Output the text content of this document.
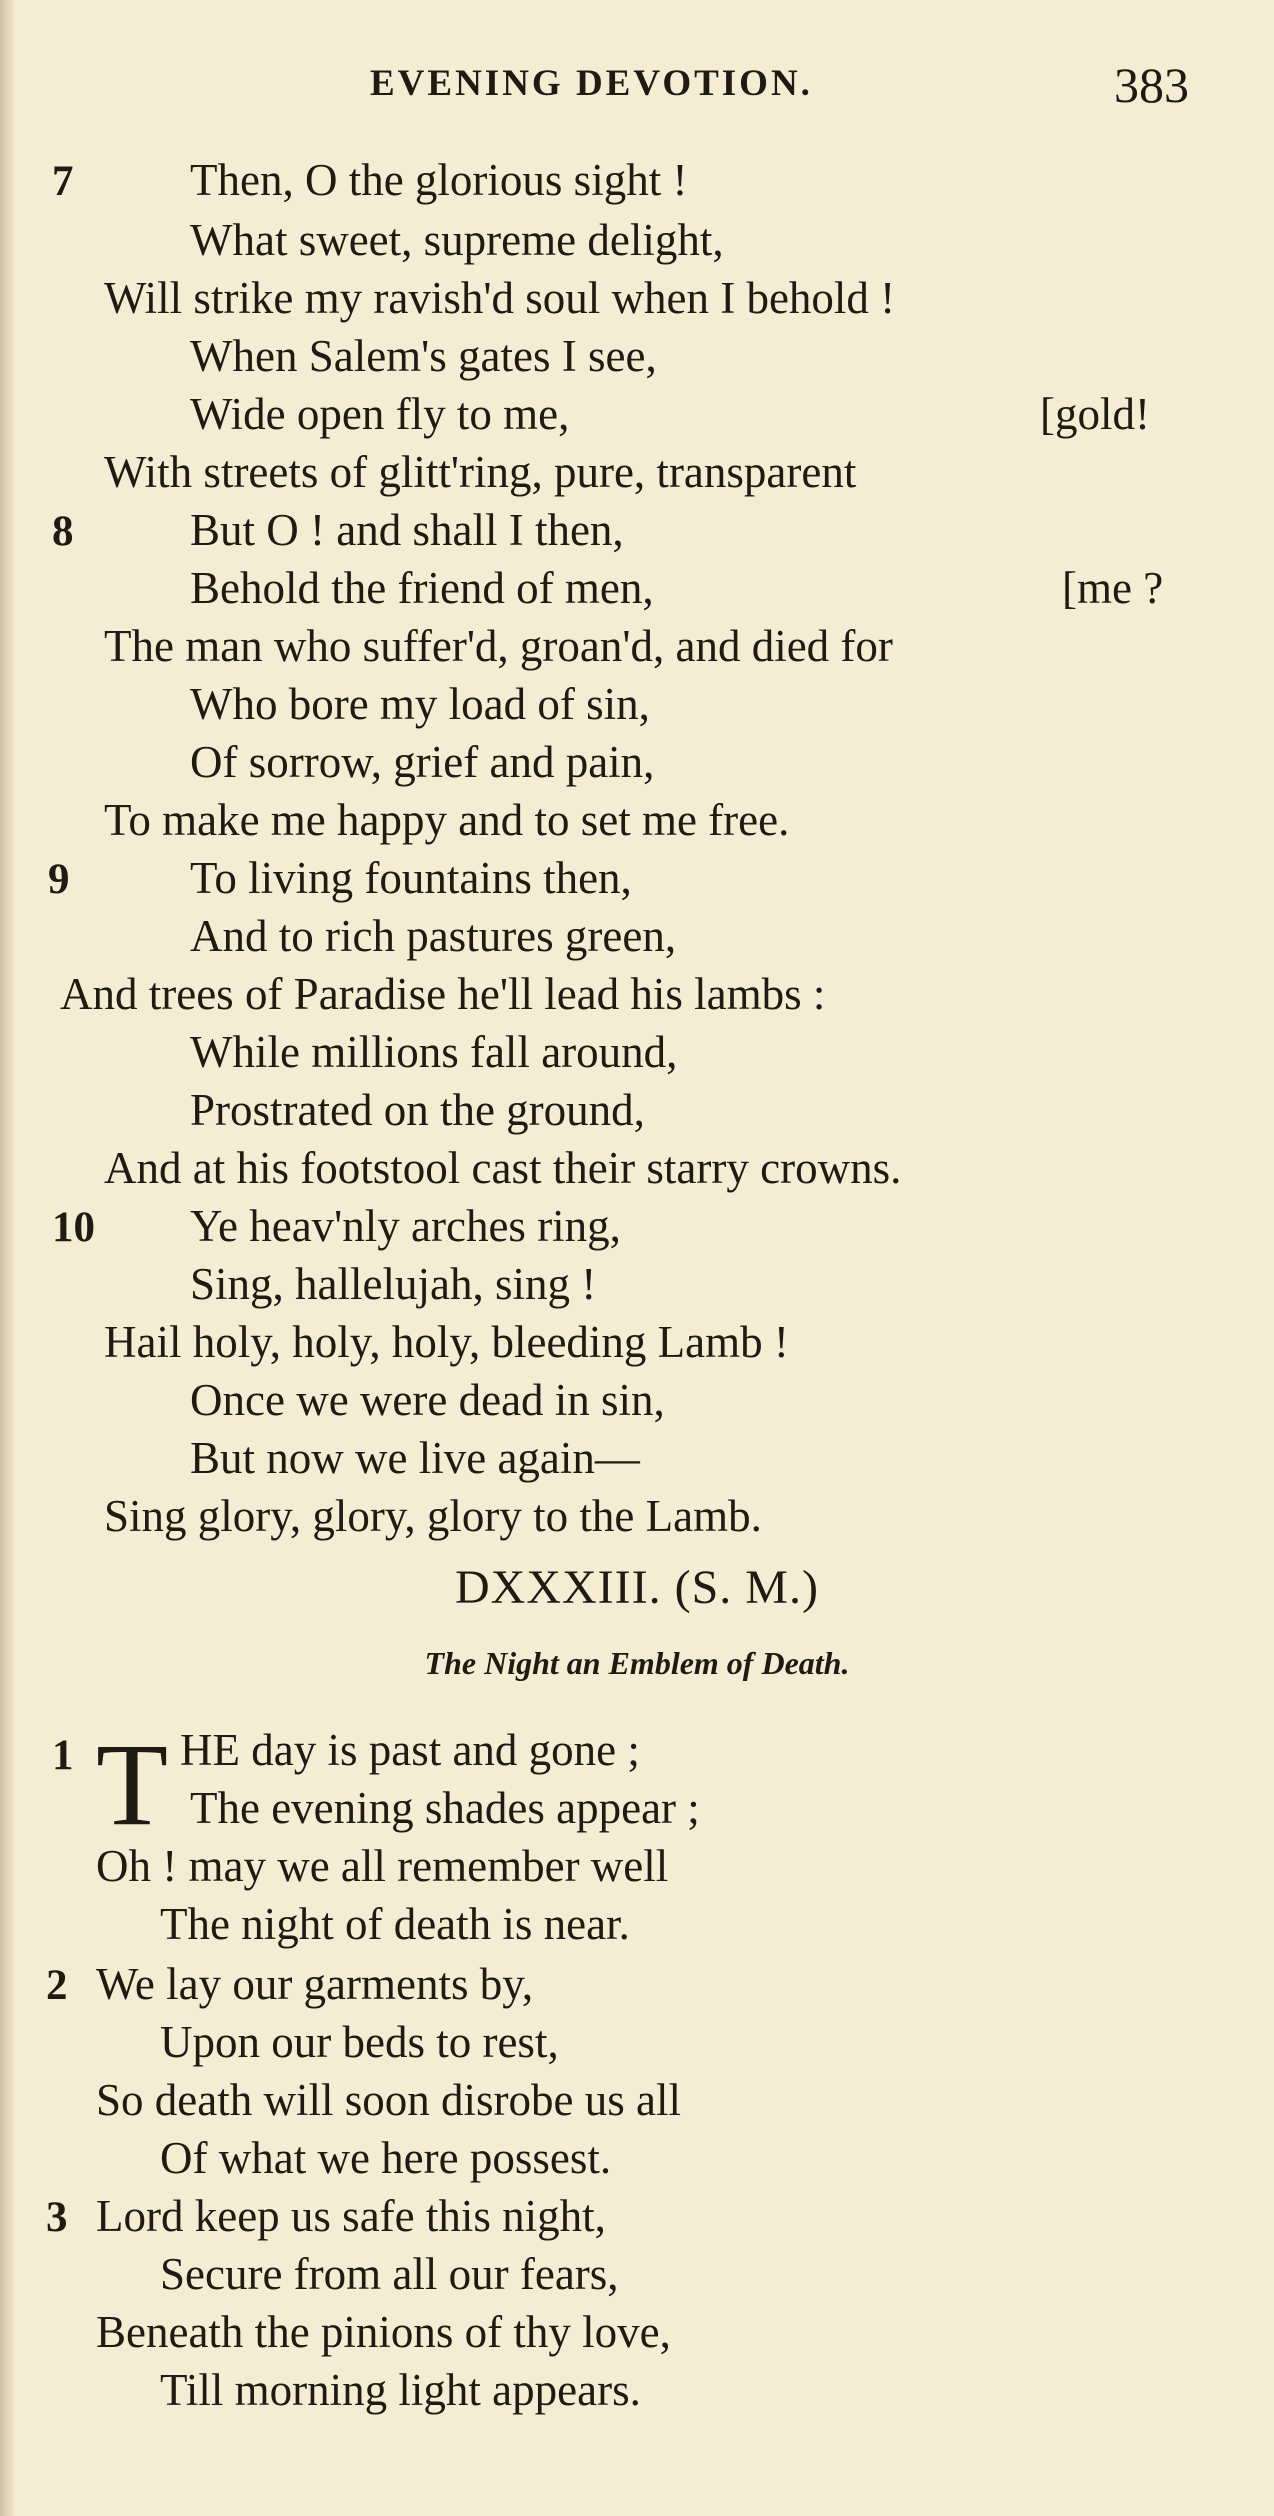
EVENING DEVOTION.	383
7	Then, O the glorious sight !
What sweet, supreme delight,
Will strike my ravish'd soul when I behold !
When Salem's gates I see,
Wide open fly to me,	[gold!
With streets of glitt'ring, pure, transparent
8	But O ! and shall I then,
Behold the friend of men,	[me ?
The man who suffer'd, groan'd, and died for
Who bore my load of sin,
Of sorrow, grief and pain,
To make me happy and to set me free.
9	To living fountains then,
And to rich pastures green,
And trees of Paradise he'll lead his lambs :
While millions fall around,
Prostrated on the ground,
And at his footstool cast their starry crowns.
10 Ye heav'nly arches ring,
Sing, hallelujah, sing !
Hail holy, holy, holy, bleeding Lamb !
Once we were dead in sin,
But now we live again—
Sing glory, glory, glory to the Lamb.
DXXXIII. (S. M.)
The Night an Emblem of Death.
1 T HE day is past and gone ;
The evening shades appear ;
Oh ! may we all remember well
The night of death is near.
2 We lay our garments by,
Upon our beds to rest,
So death will soon disrobe us all
Of what we here possest.
3 Lord keep us safe this night,
Secure from all our fears,
Beneath the pinions of thy love,
Till morning light appears.
